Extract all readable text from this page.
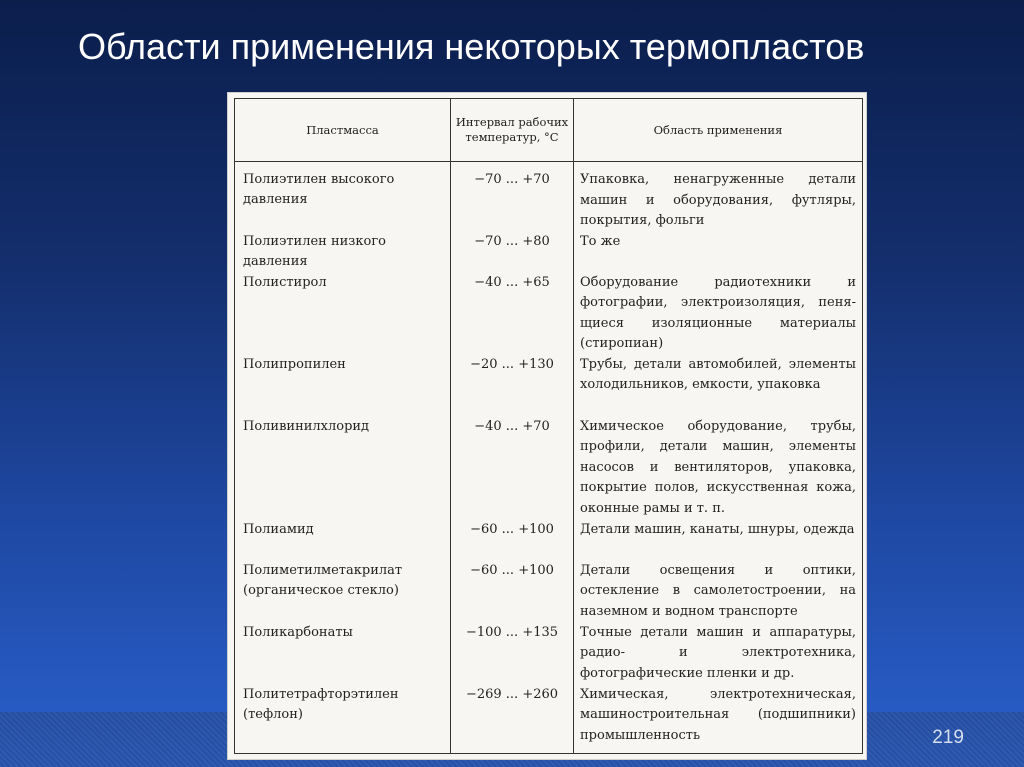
Области применения некоторых термопластов
Пластмасса	Интервал рабочих температур, °С	Область применения
Полиэтилен высокого давления	−70 ... +70	Упаковка, ненагруженные детали машин и оборудования, футляры, покрытия, фольги
Полиэтилен низкого давления	−70 ... +80	То же
Полистирол	−40 ... +65	Оборудование радиотехники и фотографии, электроизоляция, пеня-щиеся изоляционные материалы (стиропиан)
Полипропилен	−20 ... +130	Трубы, детали автомобилей, элементы холодильников, емкости, упаковка
Поливинилхлорид	−40 ... +70	Химическое оборудование, трубы, профили, детали машин, элементы насосов и вентиляторов, упаковка, покрытие полов, искусственная кожа, оконные рамы и т. п.
Полиамид	−60 ... +100	Детали машин, канаты, шнуры, одежда
Полиметилметакрилат (органическое стекло)	−60 ... +100	Детали освещения и оптики, остекление в самолетостроении, на наземном и водном транспорте
Поликарбонаты	−100 ... +135	Точные детали машин и аппаратуры, радио- и электротехника, фотографические пленки и др.
Политетрафторэтилен (тефлон)	−269 ... +260	Химическая, электротехническая, машиностроительная (подшипники) промышленность	219
